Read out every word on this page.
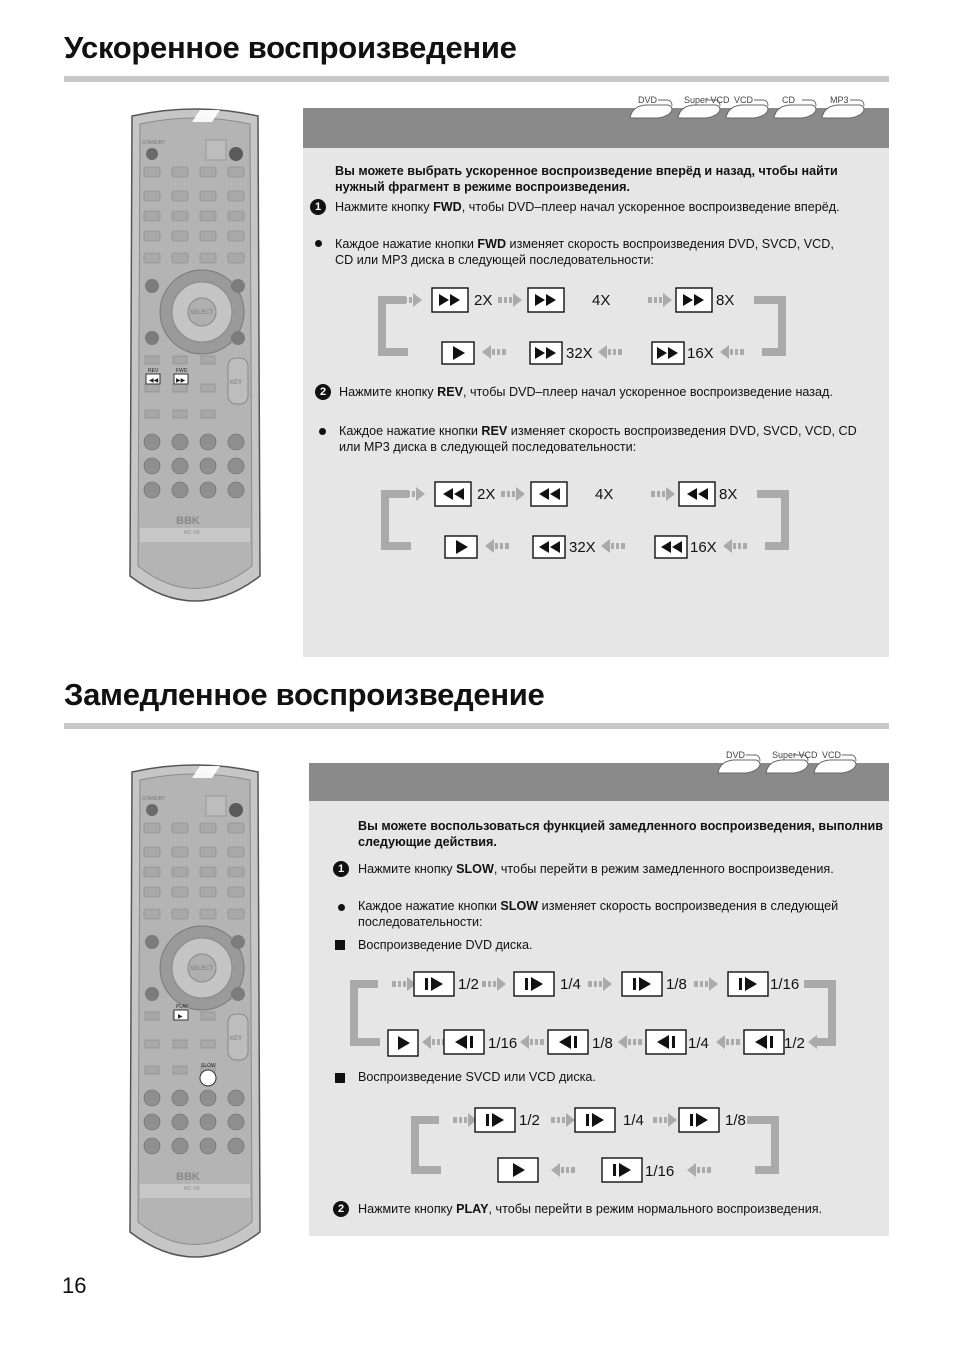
Ускоренное воспроизведение
STANDBY
SELECT
REV	FWD
◀◀	▶▶	KEY
BBK
RC–09
DVD	Super VCD VCD	CD	MP3
Вы можете выбрать ускоренное воспроизведение вперёд и назад, чтобы найти нужный фрагмент в режиме воспроизведения.
1	Нажмите кнопку FWD, чтобы DVD–плеер начал ускоренное воспроизведение вперёд.
Каждое нажатие кнопки FWD изменяет скорость воспроизведения DVD, SVCD, VCD, CD или MP3 диска в следующей последовательности:
2X	4X	8X
32X	16X
2	Нажмите кнопку REV, чтобы DVD–плеер начал ускоренное воспроизведение назад.
Каждое нажатие кнопки REV изменяет скорость воспроизведения DVD, SVCD, VCD, CD или MP3 диска в следующей последовательности:
2X	4X	8X
32X	16X
Замедленное воспроизведение
STANDBY
SELECT
PLAY
▶
SLOW
KEY
BBK
RC–09
DVD	Super VCD VCD
Вы можете воспользоваться функцией замедленного воспроизведения, выполнив следующие действия.
1	Нажмите кнопку SLOW, чтобы перейти в режим замедленного воспроизведения.
Каждое нажатие кнопки SLOW изменяет скорость воспроизведения в следующей последовательности:
Воспроизведение DVD диска.
1/2	1/4	1/8	1/16
1/16	1/8	1/4	1/2
Воспроизведение SVCD или VCD диска.
1/2	1/4	1/8
1/16
2	Нажмите кнопку PLAY, чтобы перейти в режим нормального воспроизведения.
16
